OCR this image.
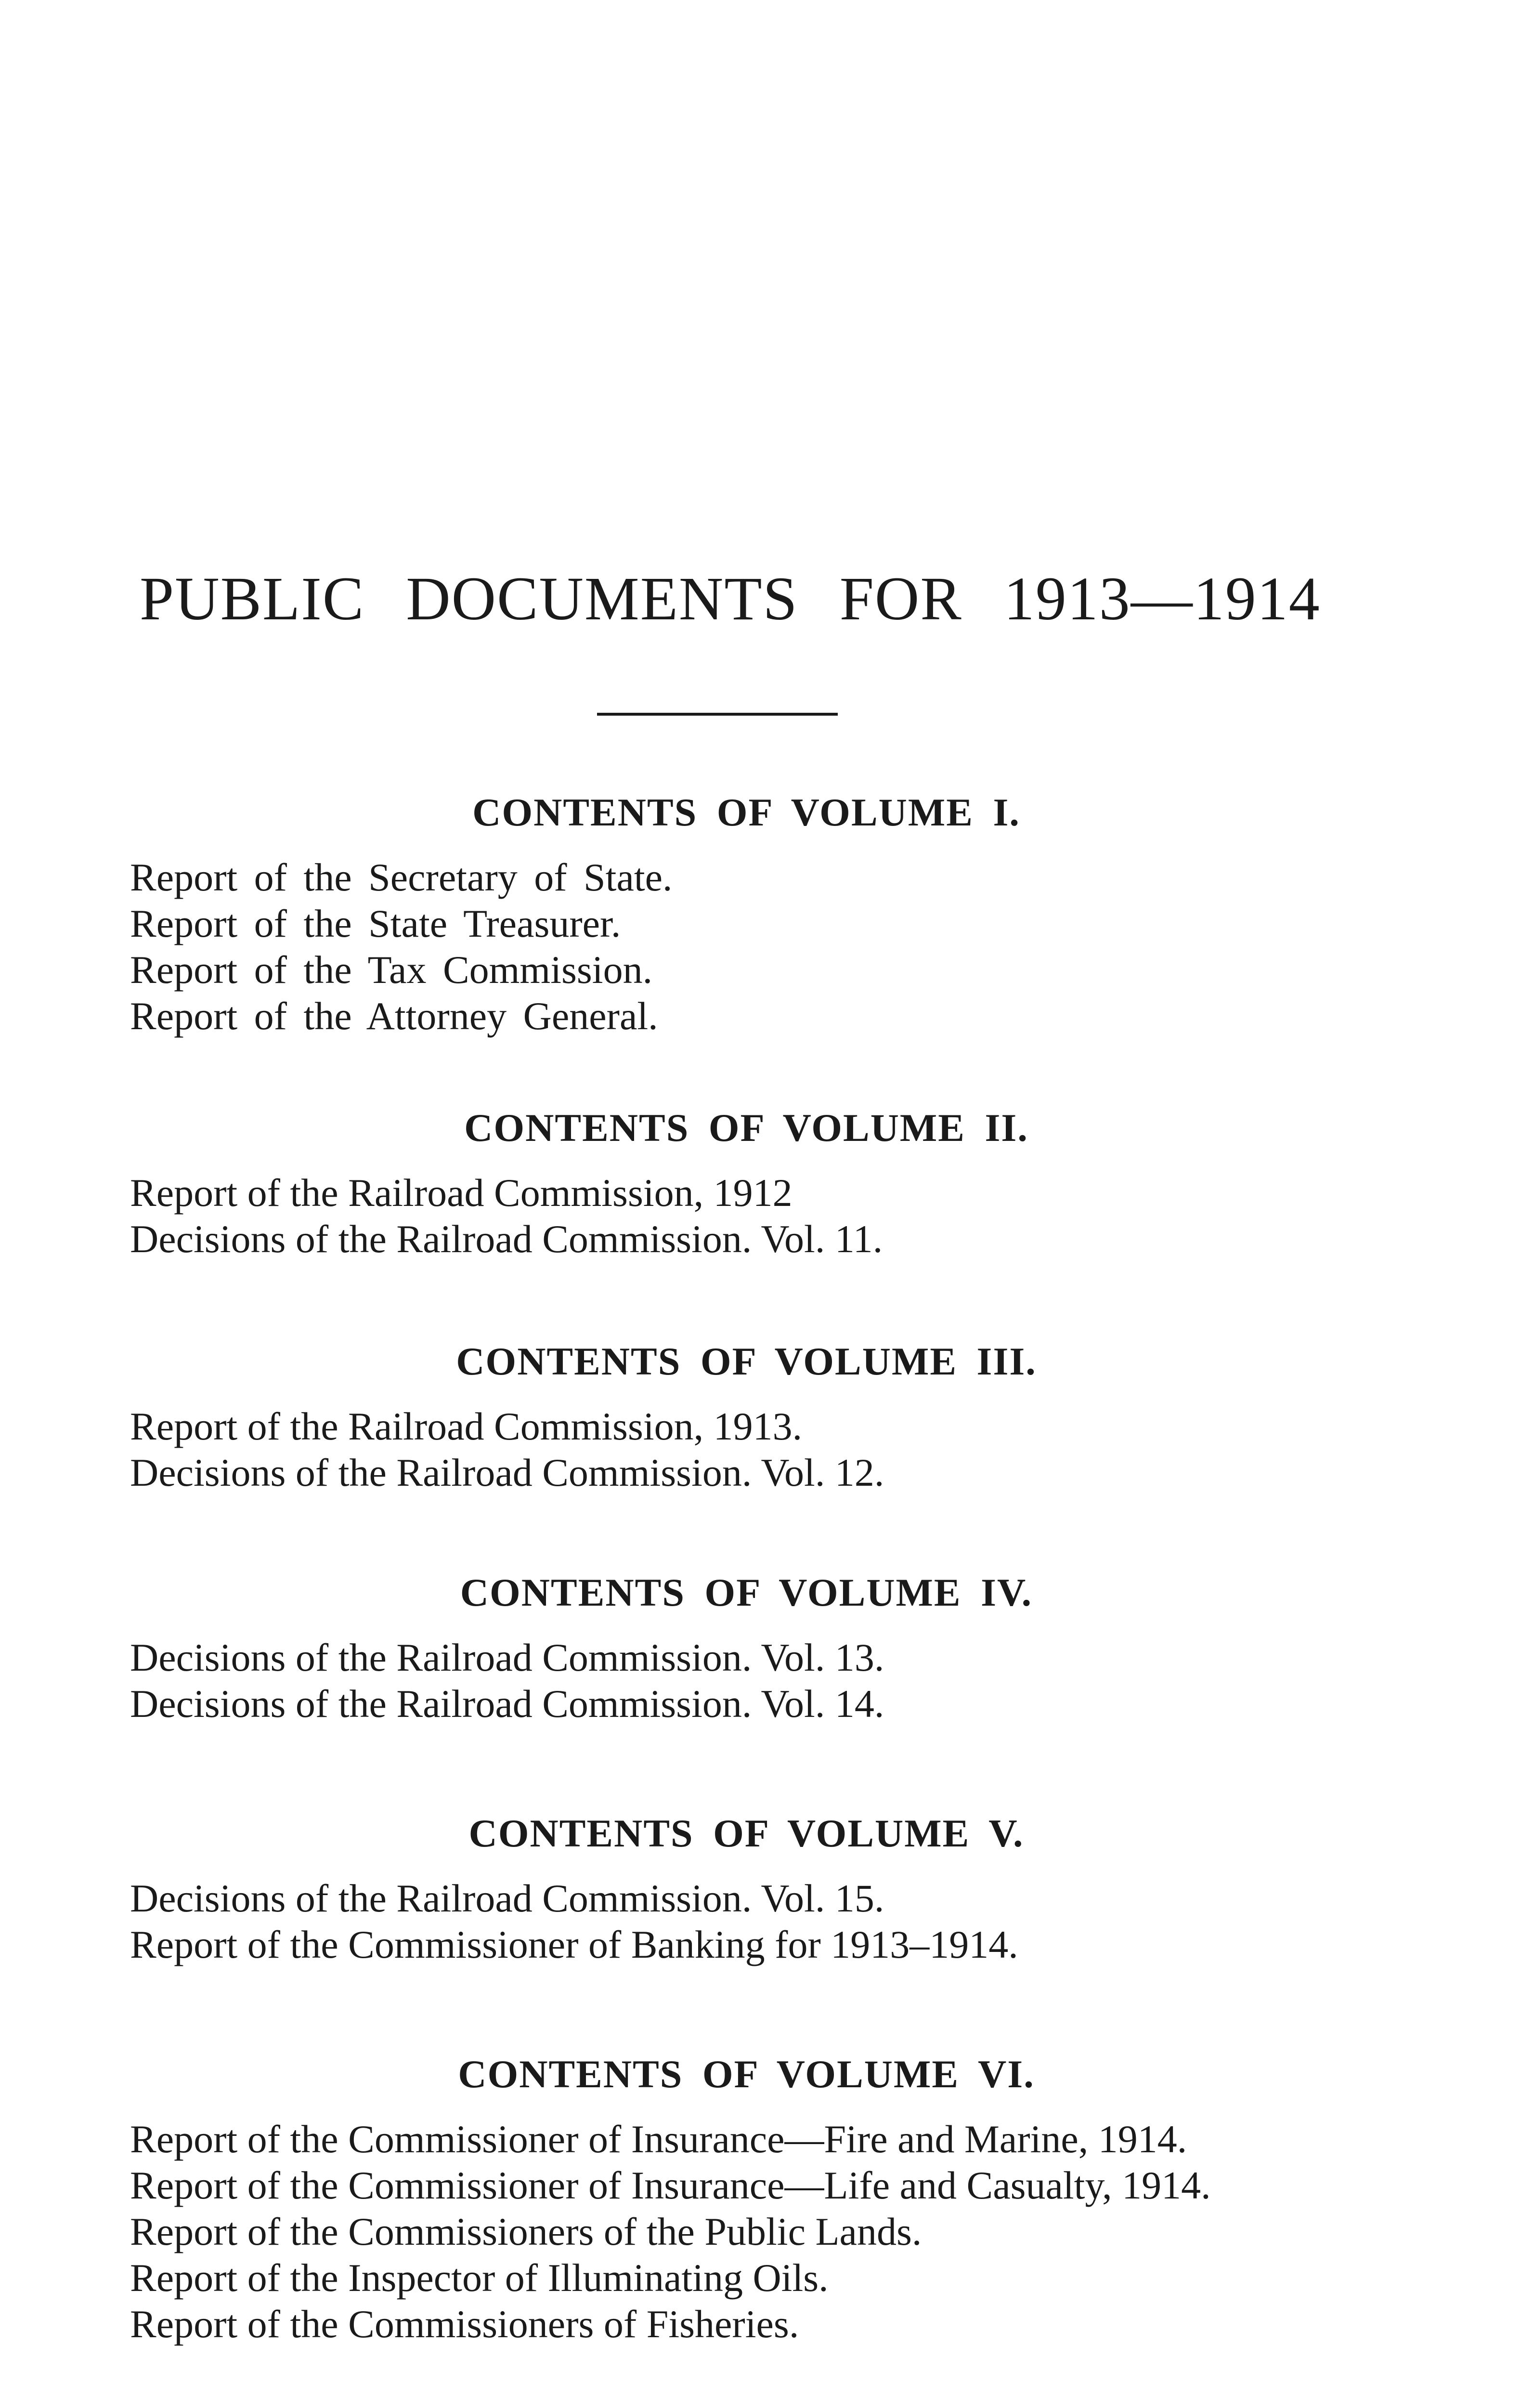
PUBLIC DOCUMENTS FOR 1913—1914
CONTENTS OF VOLUME I.
Report of the Secretary of State.
Report of the State Treasurer.
Report of the Tax Commission.
Report of the Attorney General.
CONTENTS OF VOLUME II.
Report of the Railroad Commission, 1912
Decisions of the Railroad Commission. Vol. 11.
CONTENTS OF VOLUME III.
Report of the Railroad Commission, 1913.
Decisions of the Railroad Commission. Vol. 12.
CONTENTS OF VOLUME IV.
Decisions of the Railroad Commission. Vol. 13.
Decisions of the Railroad Commission. Vol. 14.
CONTENTS OF VOLUME V.
Decisions of the Railroad Commission. Vol. 15.
Report of the Commissioner of Banking for 1913–1914.
CONTENTS OF VOLUME VI.
Report of the Commissioner of Insurance—Fire and Marine, 1914.
Report of the Commissioner of Insurance—Life and Casualty, 1914.
Report of the Commissioners of the Public Lands.
Report of the Inspector of Illuminating Oils.
Report of the Commissioners of Fisheries.
